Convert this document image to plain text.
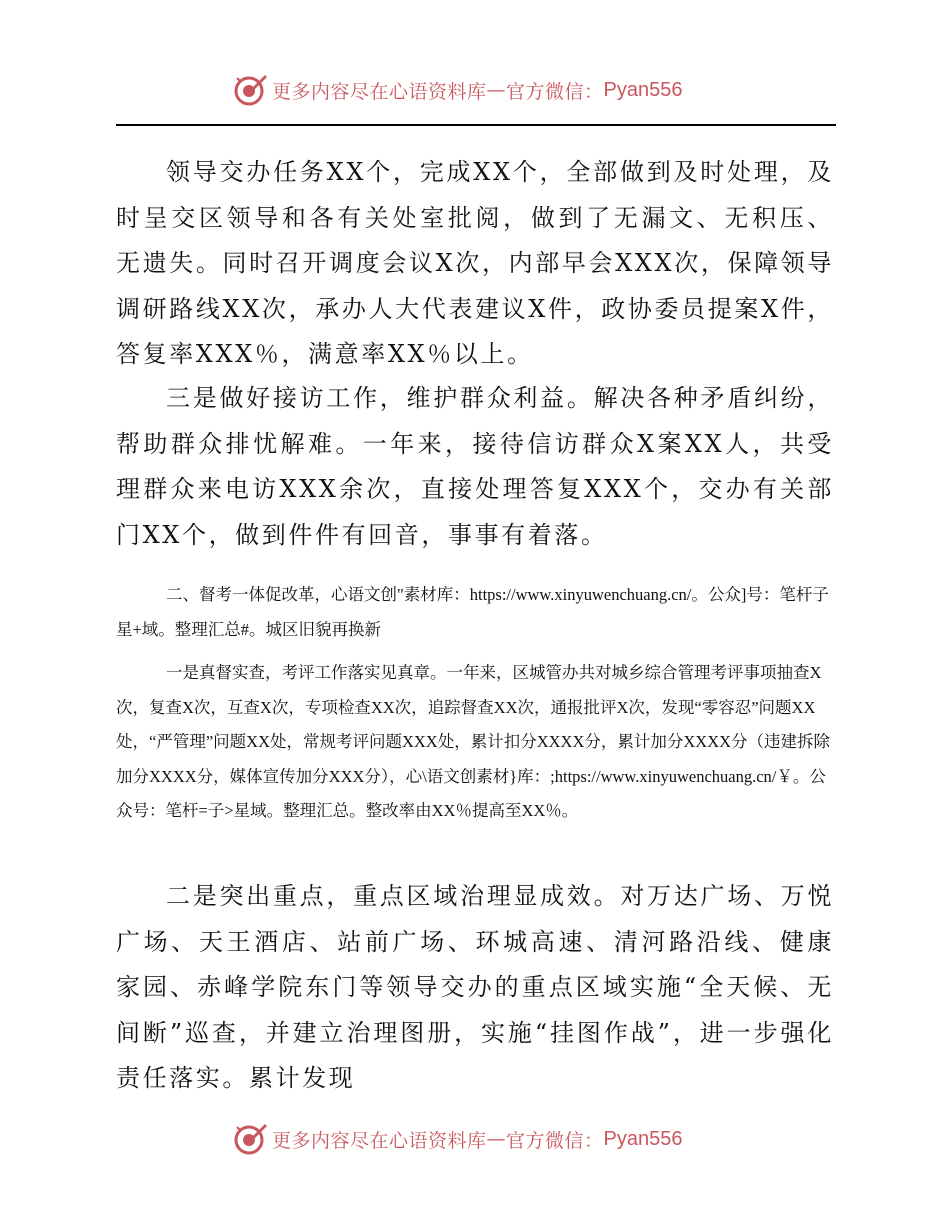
更多内容尽在心语资料库 — 官方微信： Pyan556

领导交办任务XX个，完成XX个，全部做到及时处理，及时呈交区领导和各有关处室批阅，做到了无漏文、无积压、无遗失。同时召开调度会议X次，内部早会XXX次，保障领导调研路线XX次，承办人大代表建议X件，政协委员提案X件，答复率XXX％，满意率XX％以上。

三是做好接访工作，维护群众利益。解决各种矛盾纠纷，帮助群众排忧解难。一年来，接待信访群众X案XX人，共受理群众来电访XXX余次，直接处理答复XXX个，交办有关部门XX个，做到件件有回音，事事有着落。

二、督考一体促改革，心语文创"素材库：https://www.xinyuwenchuang.cn/。公众]号：笔杆子星+域。整理汇总#。城区旧貌再换新

一是真督实查，考评工作落实见真章。一年来，区城管办共对城乡综合管理考评事项抽查X次，复查X次，互查X次，专项检查XX次，追踪督查XX次，通报批评X次，发现“零容忍”问题XX处，“严管理”问题XX处，常规考评问题XXX处，累计扣分XXXX分，累计加分XXXX分（违建拆除加分XXXX分，媒体宣传加分XXX分），心\语文创素材}库：;https://www.xinyuwenchuang.cn/￥。公众号：笔杆=子>星域。整理汇总。整改率由XX％提高至XX％。

二是突出重点，重点区域治理显成效。对万达广场、万悦广场、天王酒店、站前广场、环城高速、清河路沿线、健康家园、赤峰学院东门等领导交办的重点区域实施“全天候、无间断”巡查，并建立治理图册，实施“挂图作战”，进一步强化责任落实。累计发现

更多内容尽在心语资料库 — 官方微信： Pyan556
